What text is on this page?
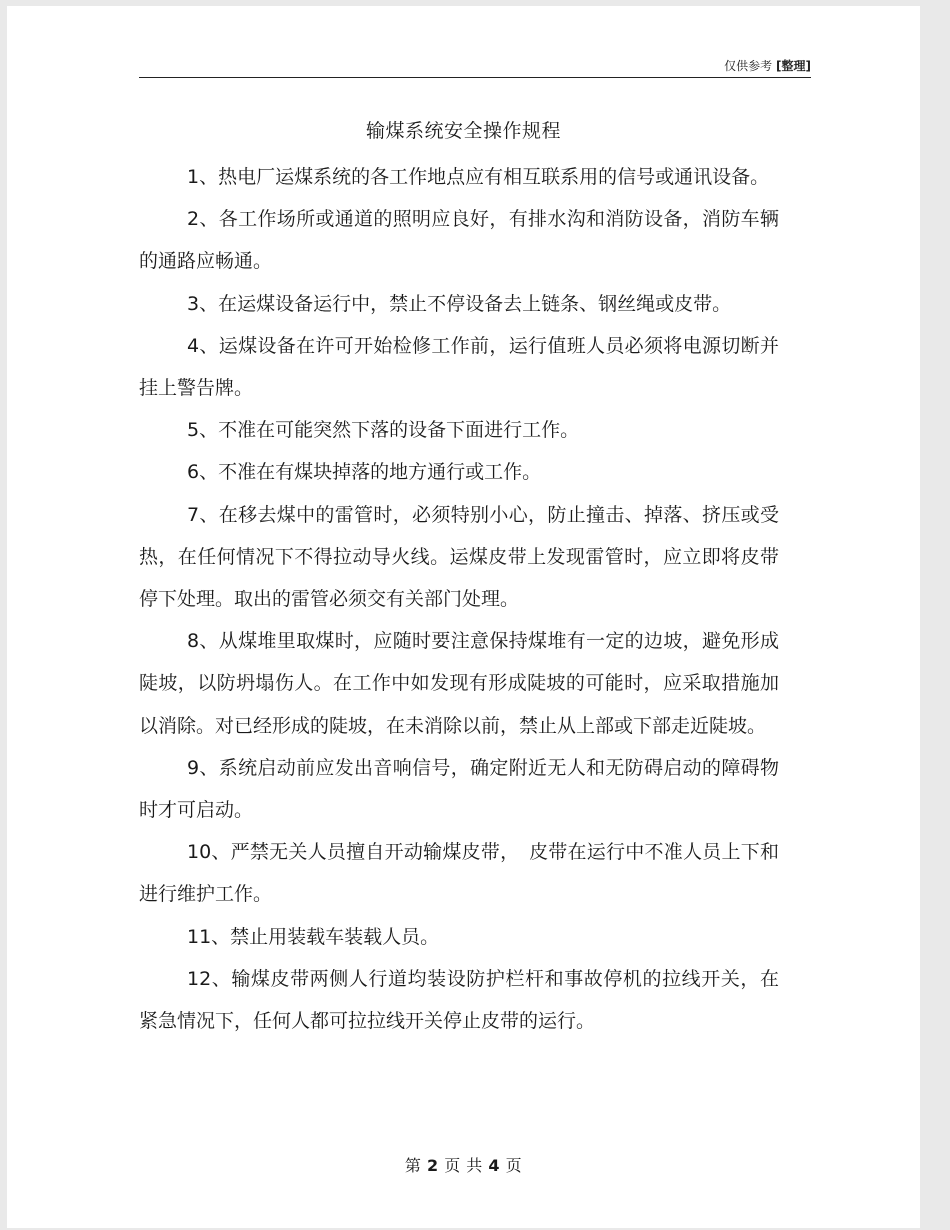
仅供参考 [整理]
输煤系统安全操作规程

1、热电厂运煤系统的各工作地点应有相互联系用的信号或通讯设备。

2、各工作场所或通道的照明应良好，有排水沟和消防设备，消防车辆的通路应畅通。

3、在运煤设备运行中，禁止不停设备去上链条、钢丝绳或皮带。

4、运煤设备在许可开始检修工作前，运行值班人员必须将电源切断并挂上警告牌。

5、不准在可能突然下落的设备下面进行工作。

6、不准在有煤块掉落的地方通行或工作。

7、在移去煤中的雷管时，必须特别小心，防止撞击、掉落、挤压或受热，在任何情况下不得拉动导火线。运煤皮带上发现雷管时，应立即将皮带停下处理。取出的雷管必须交有关部门处理。

8、从煤堆里取煤时，应随时要注意保持煤堆有一定的边坡，避免形成陡坡，以防坍塌伤人。在工作中如发现有形成陡坡的可能时，应采取措施加以消除。对已经形成的陡坡，在未消除以前，禁止从上部或下部走近陡坡。

9、系统启动前应发出音响信号，确定附近无人和无防碍启动的障碍物时才可启动。

10、严禁无关人员擅自开动输煤皮带，　皮带在运行中不准人员上下和进行维护工作。

11、禁止用装载车装载人员。

12、输煤皮带两侧人行道均装设防护栏杆和事故停机的拉线开关，在紧急情况下，任何人都可拉拉线开关停止皮带的运行。

第 2 页 共 4 页
